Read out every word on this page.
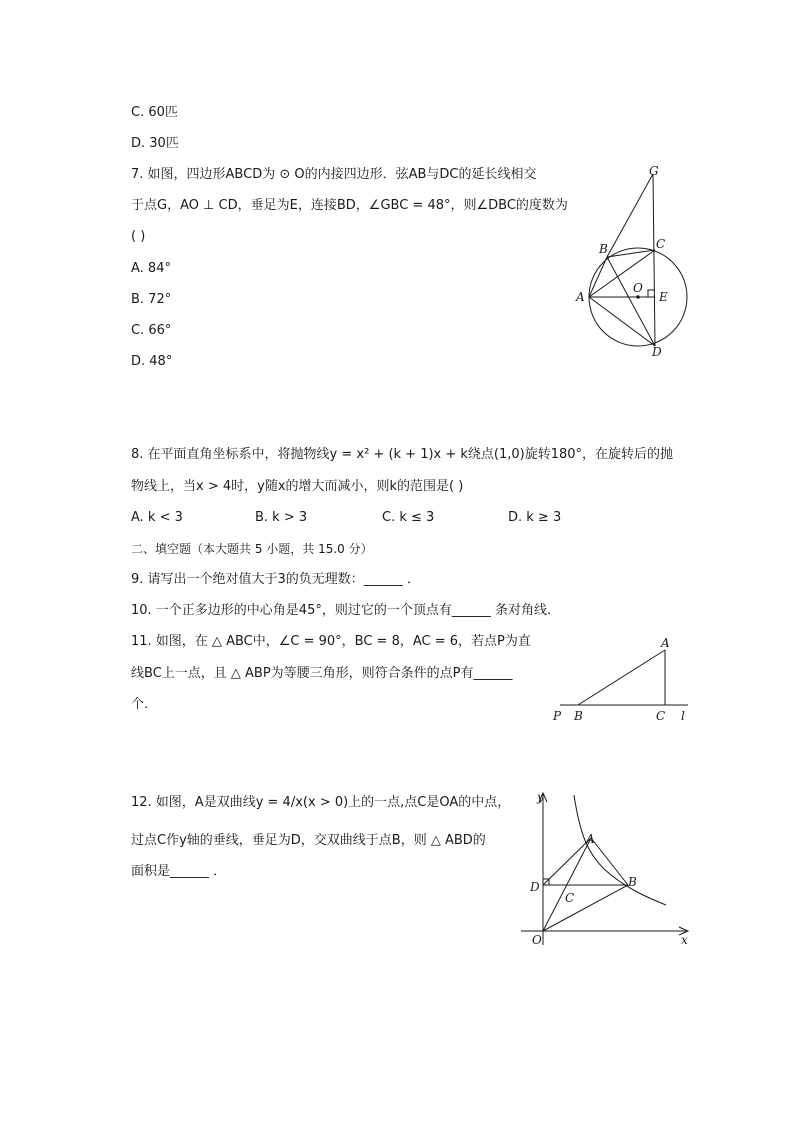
C. 60匹
D. 30匹
7. 如图，四边形ABCD为 ⊙ O的内接四边形．弦AB与DC的延长线相交
于点G，AO ⊥ CD，垂足为E，连接BD，∠GBC = 48°，则∠DBC的度数为
( )
A. 84°
B. 72°
C. 66°
D. 48°
8. 在平面直角坐标系中，将抛物线y = x² + (k + 1)x + k绕点(1,0)旋转180°，在旋转后的抛
物线上，当x > 4时，y随x的增大而减小，则k的范围是( )
A. k < 3	B. k > 3	C. k ≤ 3	D. k ≥ 3
二、填空题（本大题共 5 小题，共 15.0 分）
9. 请写出一个绝对值大于3的负无理数：______ ．
10. 一个正多边形的中心角是45°，则过它的一个顶点有______ 条对角线．
11. 如图，在 △ ABC中，∠C = 90°，BC = 8，AC = 6，若点P为直
线BC上一点，且 △ ABP为等腰三角形，则符合条件的点P有______
个.
12. 如图，A是双曲线y = 4/x(x > 0)上的一点,点C是OA的中点，
过点C作y轴的垂线，垂足为D，交双曲线于点B，则 △ ABD的
面积是______ ．
G
B	C
A
O
E
D
A
P B	C l
y
x
A
B
C
D
O
